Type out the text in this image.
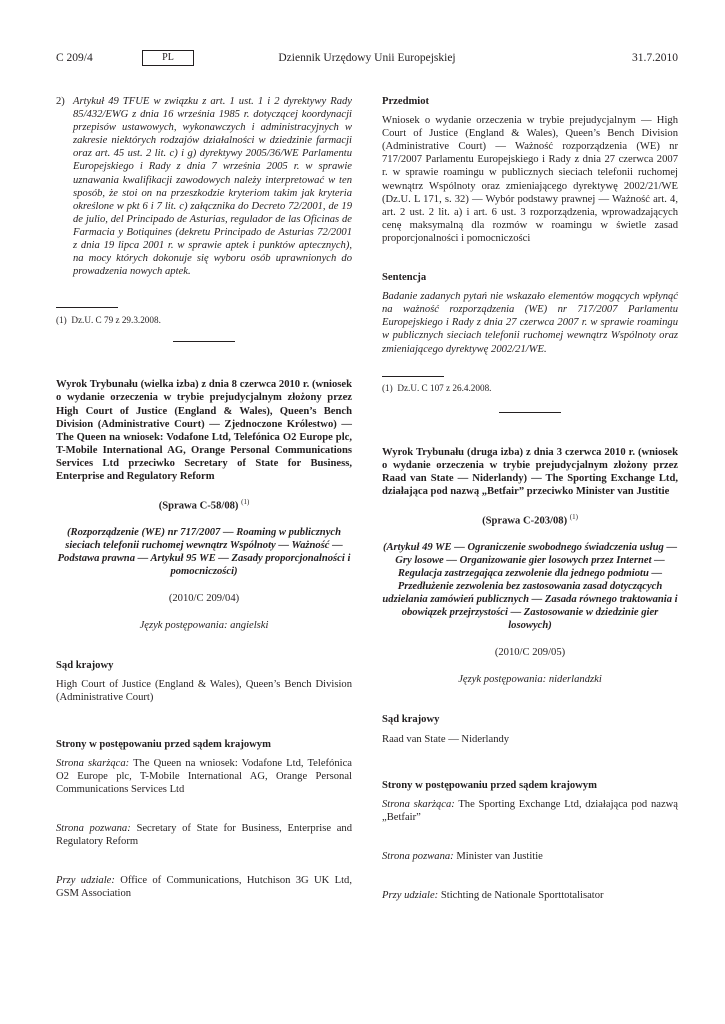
C 209/4	PL	Dziennik Urzędowy Unii Europejskiej	31.7.2010
2) Artykuł 49 TFUE w związku z art. 1 ust. 1 i 2 dyrektywy Rady 85/432/EWG z dnia 16 września 1985 r. dotyczącej koordynacji przepisów ustawowych, wykonawczych i administracyjnych w zakresie niektórych rodzajów działalności w dziedzinie farmacji oraz art. 45 ust. 2 lit. c) i g) dyrektywy 2005/36/WE Parlamentu Europejskiego i Rady z dnia 7 września 2005 r. w sprawie uznawania kwalifikacji zawodowych należy interpretować w ten sposób, że stoi on na przeszkodzie kryteriom takim jak kryteria określone w pkt 6 i 7 lit. c) załącznika do Decreto 72/2001, de 19 de julio, del Principado de Asturias, regulador de las Oficinas de Farmacia y Botiquines (dekretu Principado de Asturias 72/2001 z dnia 19 lipca 2001 r. w sprawie aptek i punktów aptecznych), na mocy których dokonuje się wyboru osób uprawnionych do prowadzenia nowych aptek.

(1) Dz.U. C 79 z 29.3.2008.

Wyrok Trybunału (wielka izba) z dnia 8 czerwca 2010 r. (wniosek o wydanie orzeczenia w trybie prejudycjalnym złożony przez High Court of Justice (England & Wales), Queen’s Bench Division (Administrative Court) — Zjednoczone Królestwo) — The Queen na wniosek: Vodafone Ltd, Telefónica O2 Europe plc, T-Mobile International AG, Orange Personal Communications Services Ltd przeciwko Secretary of State for Business, Enterprise and Regulatory Reform

(Sprawa C-58/08) $^{(1)}$

(Rozporządzenie (WE) nr 717/2007 — Roaming w publicznych sieciach telefonii ruchomej wewnątrz Wspólnoty — Ważność — Podstawa prawna — Artykuł 95 WE — Zasady proporcjonalności i pomocniczości)

(2010/C 209/04)

Język postępowania: angielski

Sąd krajowy

High Court of Justice (England & Wales), Queen’s Bench Division (Administrative Court)

Strony w postępowaniu przed sądem krajowym

Strona skarżąca: The Queen na wniosek: Vodafone Ltd, Telefónica O2 Europe plc, T-Mobile International AG, Orange Personal Communications Services Ltd

Strona pozwana: Secretary of State for Business, Enterprise and Regulatory Reform

Przy udziale: Office of Communications, Hutchison 3G UK Ltd, GSM Association

Przedmiot

Wniosek o wydanie orzeczenia w trybie prejudycjalnym — High Court of Justice (England & Wales), Queen’s Bench Division (Administrative Court) — Ważność rozporządzenia (WE) nr 717/2007 Parlamentu Europejskiego i Rady z dnia 27 czerwca 2007 r. w sprawie roamingu w publicznych sieciach telefonii ruchomej wewnątrz Wspólnoty oraz zmieniającego dyrektywę 2002/21/WE (Dz.U. L 171, s. 32) — Wybór podstawy prawnej — Ważność art. 4, art. 2 ust. 2 lit. a) i art. 6 ust. 3 rozporządzenia, wprowadzających cenę maksymalną dla rozmów w roamingu w świetle zasad proporcjonalności i pomocniczości

Sentencja

Badanie zadanych pytań nie wskazało elementów mogących wpłynąć na ważność rozporządzenia (WE) nr 717/2007 Parlamentu Europejskiego i Rady z dnia 27 czerwca 2007 r. w sprawie roamingu w publicznych sieciach telefonii ruchomej wewnątrz Wspólnoty oraz zmieniającego dyrektywę 2002/21/WE.

(1) Dz.U. C 107 z 26.4.2008.

Wyrok Trybunału (druga izba) z dnia 3 czerwca 2010 r. (wniosek o wydanie orzeczenia w trybie prejudycjalnym złożony przez Raad van State — Niderlandy) — The Sporting Exchange Ltd, działająca pod nazwą „Betfair” przeciwko Minister van Justitie

(Sprawa C-203/08) $^{(1)}$

(Artykuł 49 WE — Ograniczenie swobodnego świadczenia usług — Gry losowe — Organizowanie gier losowych przez Internet — Regulacja zastrzegająca zezwolenie dla jednego podmiotu — Przedłużenie zezwolenia bez zastosowania zasad dotyczących udzielania zamówień publicznych — Zasada równego traktowania i obowiązek przejrzystości — Zastosowanie w dziedzinie gier losowych)

(2010/C 209/05)

Język postępowania: niderlandzki

Sąd krajowy

Raad van State — Niderlandy

Strony w postępowaniu przed sądem krajowym

Strona skarżąca: The Sporting Exchange Ltd, działająca pod nazwą „Betfair”

Strona pozwana: Minister van Justitie

Przy udziale: Stichting de Nationale Sporttotalisator
